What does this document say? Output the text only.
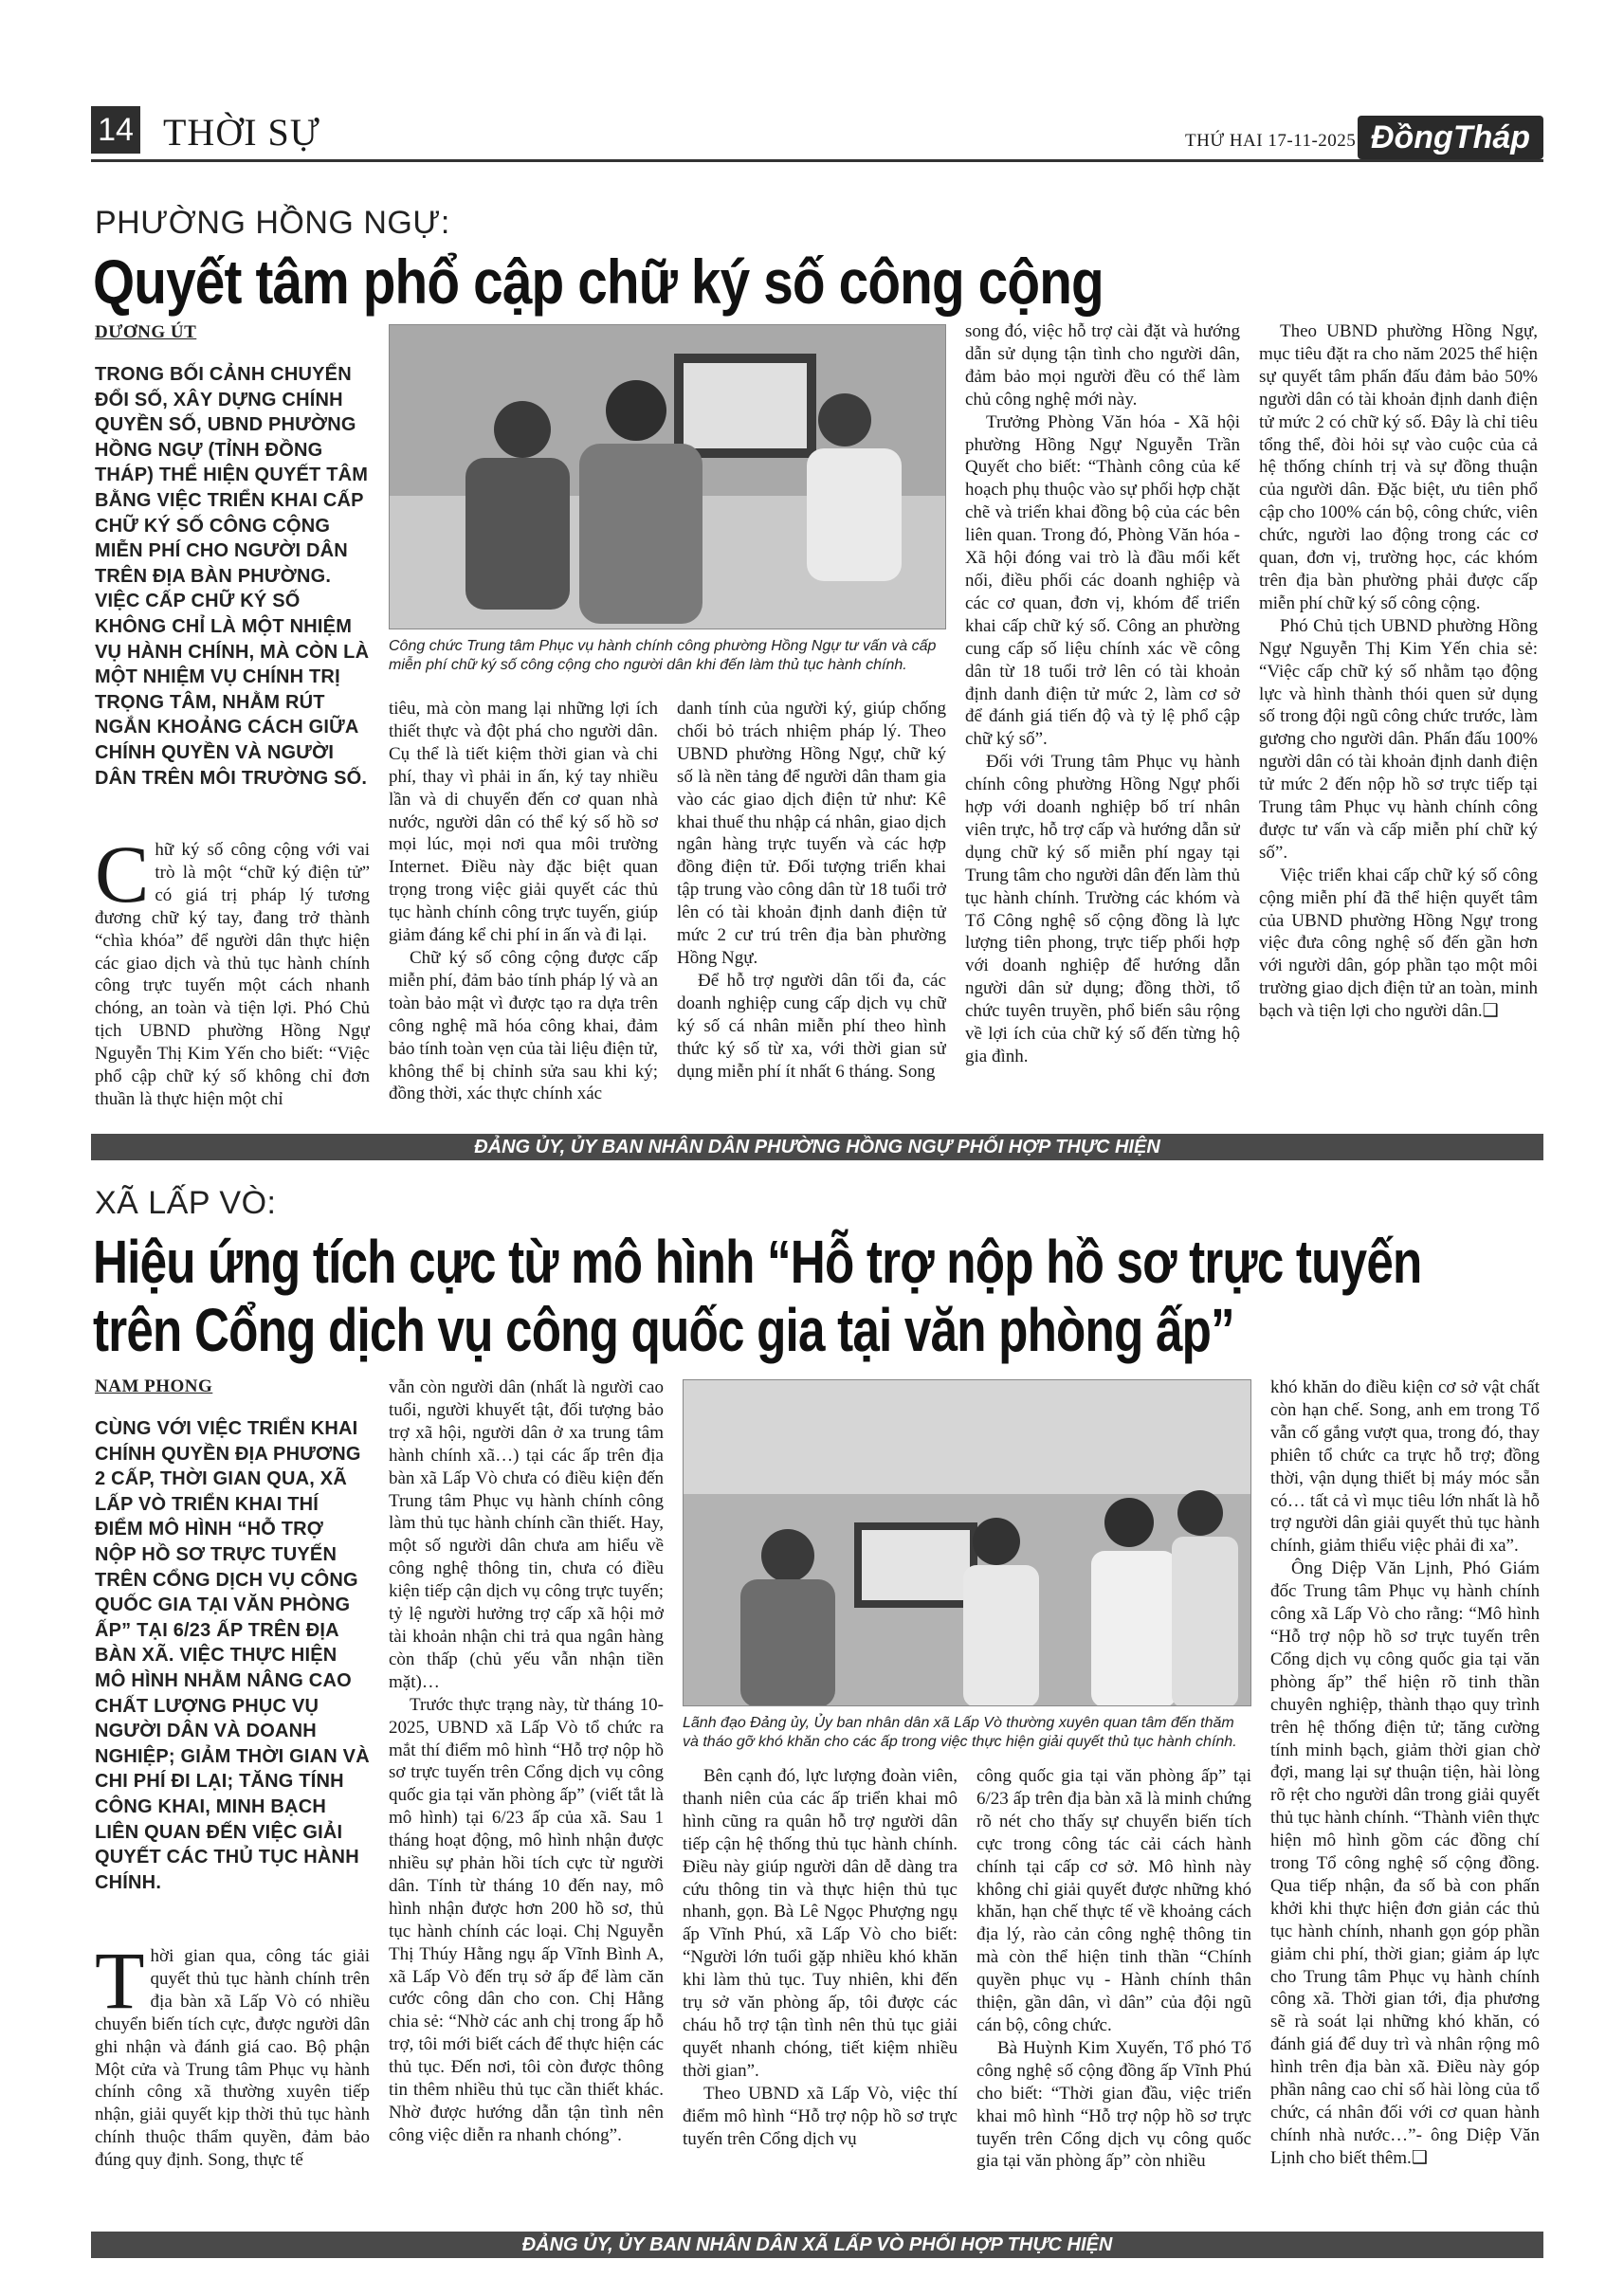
14 THỜI SỰ	THỨ HAI 17-11-2025 ĐồngTháp
PHƯỜNG HỒNG NGỰ:
Quyết tâm phổ cập chữ ký số công cộng
DƯƠNG ÚT
TRONG BỐI CẢNH CHUYỂN ĐỔI SỐ, XÂY DỰNG CHÍNH QUYỀN SỐ, UBND PHƯỜNG HỒNG NGỰ (TỈNH ĐỒNG THÁP) THỂ HIỆN QUYẾT TÂM BẰNG VIỆC TRIỂN KHAI CẤP CHỮ KÝ SỐ CÔNG CỘNG MIỄN PHÍ CHO NGƯỜI DÂN TRÊN ĐỊA BÀN PHƯỜNG. VIỆC CẤP CHỮ KÝ SỐ KHÔNG CHỈ LÀ MỘT NHIỆM VỤ HÀNH CHÍNH, MÀ CÒN LÀ MỘT NHIỆM VỤ CHÍNH TRỊ TRỌNG TÂM, NHẰM RÚT NGẮN KHOẢNG CÁCH GIỮA CHÍNH QUYỀN VÀ NGƯỜI DÂN TRÊN MÔI TRƯỜNG SỐ.
Công chức Trung tâm Phục vụ hành chính công phường Hồng Ngự tư vấn và cấp miễn phí chữ ký số công cộng cho người dân khi đến làm thủ tục hành chính.

Chữ ký số công cộng với vai trò là một “chữ ký điện tử” có giá trị pháp lý tương đương chữ ký tay, đang trở thành “chìa khóa” để người dân thực hiện các giao dịch và thủ tục hành chính công trực tuyến một cách nhanh chóng, an toàn và tiện lợi. Phó Chủ tịch UBND phường Hồng Ngự Nguyễn Thị Kim Yến cho biết: “Việc phổ cập chữ ký số không chỉ đơn thuần là thực hiện một chỉ

tiêu, mà còn mang lại những lợi ích thiết thực và đột phá cho người dân. Cụ thể là tiết kiệm thời gian và chi phí, thay vì phải in ấn, ký tay nhiều lần và di chuyển đến cơ quan nhà nước, người dân có thể ký số hồ sơ mọi lúc, mọi nơi qua môi trường Internet. Điều này đặc biệt quan trọng trong việc giải quyết các thủ tục hành chính công trực tuyến, giúp giảm đáng kể chi phí in ấn và đi lại.

Chữ ký số công cộng được cấp miễn phí, đảm bảo tính pháp lý và an toàn bảo mật vì được tạo ra dựa trên công nghệ mã hóa công khai, đảm bảo tính toàn vẹn của tài liệu điện tử, không thể bị chỉnh sửa sau khi ký; đồng thời, xác thực chính xác

danh tính của người ký, giúp chống chối bỏ trách nhiệm pháp lý. Theo UBND phường Hồng Ngự, chữ ký số là nền tảng để người dân tham gia vào các giao dịch điện tử như: Kê khai thuế thu nhập cá nhân, giao dịch ngân hàng trực tuyến và các hợp đồng điện tử. Đối tượng triển khai tập trung vào công dân từ 18 tuổi trở lên có tài khoản định danh điện tử mức 2 cư trú trên địa bàn phường Hồng Ngự.

Để hỗ trợ người dân tối đa, các doanh nghiệp cung cấp dịch vụ chữ ký số cá nhân miễn phí theo hình thức ký số từ xa, với thời gian sử dụng miễn phí ít nhất 6 tháng. Song

song đó, việc hỗ trợ cài đặt và hướng dẫn sử dụng tận tình cho người dân, đảm bảo mọi người đều có thể làm chủ công nghệ mới này.

Trưởng Phòng Văn hóa - Xã hội phường Hồng Ngự Nguyễn Trần Quyết cho biết: “Thành công của kế hoạch phụ thuộc vào sự phối hợp chặt chẽ và triển khai đồng bộ của các bên liên quan. Trong đó, Phòng Văn hóa - Xã hội đóng vai trò là đầu mối kết nối, điều phối các doanh nghiệp và các cơ quan, đơn vị, khóm để triển khai cấp chữ ký số. Công an phường cung cấp số liệu chính xác về công dân từ 18 tuổi trở lên có tài khoản định danh điện tử mức 2, làm cơ sở để đánh giá tiến độ và tỷ lệ phổ cập chữ ký số”.

Đối với Trung tâm Phục vụ hành chính công phường Hồng Ngự phối hợp với doanh nghiệp bố trí nhân viên trực, hỗ trợ cấp và hướng dẫn sử dụng chữ ký số miễn phí ngay tại Trung tâm cho người dân đến làm thủ tục hành chính. Trường các khóm và Tổ Công nghệ số cộng đồng là lực lượng tiên phong, trực tiếp phối hợp với doanh nghiệp để hướng dẫn người dân sử dụng; đồng thời, tổ chức tuyên truyền, phổ biến sâu rộng về lợi ích của chữ ký số đến từng hộ gia đình.

Theo UBND phường Hồng Ngự, mục tiêu đặt ra cho năm 2025 thể hiện sự quyết tâm phấn đấu đảm bảo 50% người dân có tài khoản định danh điện tử mức 2 có chữ ký số. Đây là chỉ tiêu tổng thể, đòi hỏi sự vào cuộc của cả hệ thống chính trị và sự đồng thuận của người dân. Đặc biệt, ưu tiên phổ cập cho 100% cán bộ, công chức, viên chức, người lao động trong các cơ quan, đơn vị, trường học, các khóm trên địa bàn phường phải được cấp miễn phí chữ ký số công cộng.

Phó Chủ tịch UBND phường Hồng Ngự Nguyễn Thị Kim Yến chia sẻ: “Việc cấp chữ ký số nhằm tạo động lực và hình thành thói quen sử dụng số trong đội ngũ công chức trước, làm gương cho người dân. Phấn đấu 100% người dân có tài khoản định danh điện tử mức 2 đến nộp hồ sơ trực tiếp tại Trung tâm Phục vụ hành chính công được tư vấn và cấp miễn phí chữ ký số”.

Việc triển khai cấp chữ ký số công cộng miễn phí đã thể hiện quyết tâm của UBND phường Hồng Ngự trong việc đưa công nghệ số đến gần hơn với người dân, góp phần tạo một môi trường giao dịch điện tử an toàn, minh bạch và tiện lợi cho người dân.❑

ĐẢNG ỦY, ỦY BAN NHÂN DÂN PHƯỜNG HỒNG NGỰ PHỐI HỢP THỰC HIỆN
XÃ LẤP VÒ:
Hiệu ứng tích cực từ mô hình “Hỗ trợ nộp hồ sơ trực tuyến
trên Cổng dịch vụ công quốc gia tại văn phòng ấp”
NAM PHONG
CÙNG VỚI VIỆC TRIỂN KHAI CHÍNH QUYỀN ĐỊA PHƯƠNG 2 CẤP, THỜI GIAN QUA, XÃ LẤP VÒ TRIỂN KHAI THÍ ĐIỂM MÔ HÌNH “HỖ TRỢ NỘP HỒ SƠ TRỰC TUYẾN TRÊN CỔNG DỊCH VỤ CÔNG QUỐC GIA TẠI VĂN PHÒNG ẤP” TẠI 6/23 ẤP TRÊN ĐỊA BÀN XÃ. VIỆC THỰC HIỆN MÔ HÌNH NHẰM NÂNG CAO CHẤT LƯỢNG PHỤC VỤ NGƯỜI DÂN VÀ DOANH NGHIỆP; GIẢM THỜI GIAN VÀ CHI PHÍ ĐI LẠI; TĂNG TÍNH CÔNG KHAI, MINH BẠCH LIÊN QUAN ĐẾN VIỆC GIẢI QUYẾT CÁC THỦ TỤC HÀNH CHÍNH.
Lãnh đạo Đảng ủy, Ủy ban nhân dân xã Lấp Vò thường xuyên quan tâm đến thăm và tháo gỡ khó khăn cho các ấp trong việc thực hiện giải quyết thủ tục hành chính.

Thời gian qua, công tác giải quyết thủ tục hành chính trên địa bàn xã Lấp Vò có nhiều chuyển biến tích cực, được người dân ghi nhận và đánh giá cao. Bộ phận Một cửa và Trung tâm Phục vụ hành chính công xã thường xuyên tiếp nhận, giải quyết kịp thời thủ tục hành chính thuộc thẩm quyền, đảm bảo đúng quy định. Song, thực tế

vẫn còn người dân (nhất là người cao tuổi, người khuyết tật, đối tượng bảo trợ xã hội, người dân ở xa trung tâm hành chính xã…) tại các ấp trên địa bàn xã Lấp Vò chưa có điều kiện đến Trung tâm Phục vụ hành chính công làm thủ tục hành chính cần thiết. Hay, một số người dân chưa am hiểu về công nghệ thông tin, chưa có điều kiện tiếp cận dịch vụ công trực tuyến; tỷ lệ người hưởng trợ cấp xã hội mở tài khoản nhận chi trả qua ngân hàng còn thấp (chủ yếu vẫn nhận tiền mặt)…

Trước thực trạng này, từ tháng 10-2025, UBND xã Lấp Vò tổ chức ra mắt thí điểm mô hình “Hỗ trợ nộp hồ sơ trực tuyến trên Cổng dịch vụ công quốc gia tại văn phòng ấp” (viết tắt là mô hình) tại 6/23 ấp của xã. Sau 1 tháng hoạt động, mô hình nhận được nhiều sự phản hồi tích cực từ người dân. Tính từ tháng 10 đến nay, mô hình nhận được hơn 200 hồ sơ, thủ tục hành chính các loại. Chị Nguyễn Thị Thúy Hằng ngụ ấp Vĩnh Bình A, xã Lấp Vò đến trụ sở ấp để làm căn cước công dân cho con. Chị Hằng chia sẻ: “Nhờ các anh chị trong ấp hỗ trợ, tôi mới biết cách để thực hiện các thủ tục. Đến nơi, tôi còn được thông tin thêm nhiều thủ tục cần thiết khác. Nhờ được hướng dẫn tận tình nên công việc diễn ra nhanh chóng”.

Bên cạnh đó, lực lượng đoàn viên, thanh niên của các ấp triển khai mô hình cũng ra quân hỗ trợ người dân tiếp cận hệ thống thủ tục hành chính. Điều này giúp người dân dễ dàng tra cứu thông tin và thực hiện thủ tục nhanh, gọn. Bà Lê Ngọc Phượng ngụ ấp Vĩnh Phú, xã Lấp Vò cho biết: “Người lớn tuổi gặp nhiều khó khăn khi làm thủ tục. Tuy nhiên, khi đến trụ sở văn phòng ấp, tôi được các cháu hỗ trợ tận tình nên thủ tục giải quyết nhanh chóng, tiết kiệm nhiều thời gian”.

Theo UBND xã Lấp Vò, việc thí điểm mô hình “Hỗ trợ nộp hồ sơ trực tuyến trên Cổng dịch vụ

công quốc gia tại văn phòng ấp” tại 6/23 ấp trên địa bàn xã là minh chứng rõ nét cho thấy sự chuyển biến tích cực trong công tác cải cách hành chính tại cấp cơ sở. Mô hình này không chỉ giải quyết được những khó khăn, hạn chế thực tế về khoảng cách địa lý, rào cản công nghệ thông tin mà còn thể hiện tinh thần “Chính quyền phục vụ - Hành chính thân thiện, gần dân, vì dân” của đội ngũ cán bộ, công chức.

Bà Huỳnh Kim Xuyến, Tổ phó Tổ công nghệ số cộng đồng ấp Vĩnh Phú cho biết: “Thời gian đầu, việc triển khai mô hình “Hỗ trợ nộp hồ sơ trực tuyến trên Cổng dịch vụ công quốc gia tại văn phòng ấp” còn nhiều

khó khăn do điều kiện cơ sở vật chất còn hạn chế. Song, anh em trong Tổ vẫn cố gắng vượt qua, trong đó, thay phiên tổ chức ca trực hỗ trợ; đồng thời, vận dụng thiết bị máy móc sẵn có… tất cả vì mục tiêu lớn nhất là hỗ trợ người dân giải quyết thủ tục hành chính, giảm thiểu việc phải đi xa”.

Ông Diệp Văn Lịnh, Phó Giám đốc Trung tâm Phục vụ hành chính công xã Lấp Vò cho rằng: “Mô hình “Hỗ trợ nộp hồ sơ trực tuyến trên Cổng dịch vụ công quốc gia tại văn phòng ấp” thể hiện rõ tinh thần chuyên nghiệp, thành thạo quy trình trên hệ thống điện tử; tăng cường tính minh bạch, giảm thời gian chờ đợi, mang lại sự thuận tiện, hài lòng rõ rệt cho người dân trong giải quyết thủ tục hành chính. “Thành viên thực hiện mô hình gồm các đồng chí trong Tổ công nghệ số cộng đồng. Qua tiếp nhận, đa số bà con phấn khởi khi thực hiện đơn giản các thủ tục hành chính, nhanh gọn góp phần giảm chi phí, thời gian; giảm áp lực cho Trung tâm Phục vụ hành chính công xã. Thời gian tới, địa phương sẽ rà soát lại những khó khăn, có đánh giá để duy trì và nhân rộng mô hình trên địa bàn xã. Điều này góp phần nâng cao chỉ số hài lòng của tổ chức, cá nhân đối với cơ quan hành chính nhà nước…”- ông Diệp Văn Lịnh cho biết thêm.❑

ĐẢNG ỦY, ỦY BAN NHÂN DÂN XÃ LẤP VÒ PHỐI HỢP THỰC HIỆN
